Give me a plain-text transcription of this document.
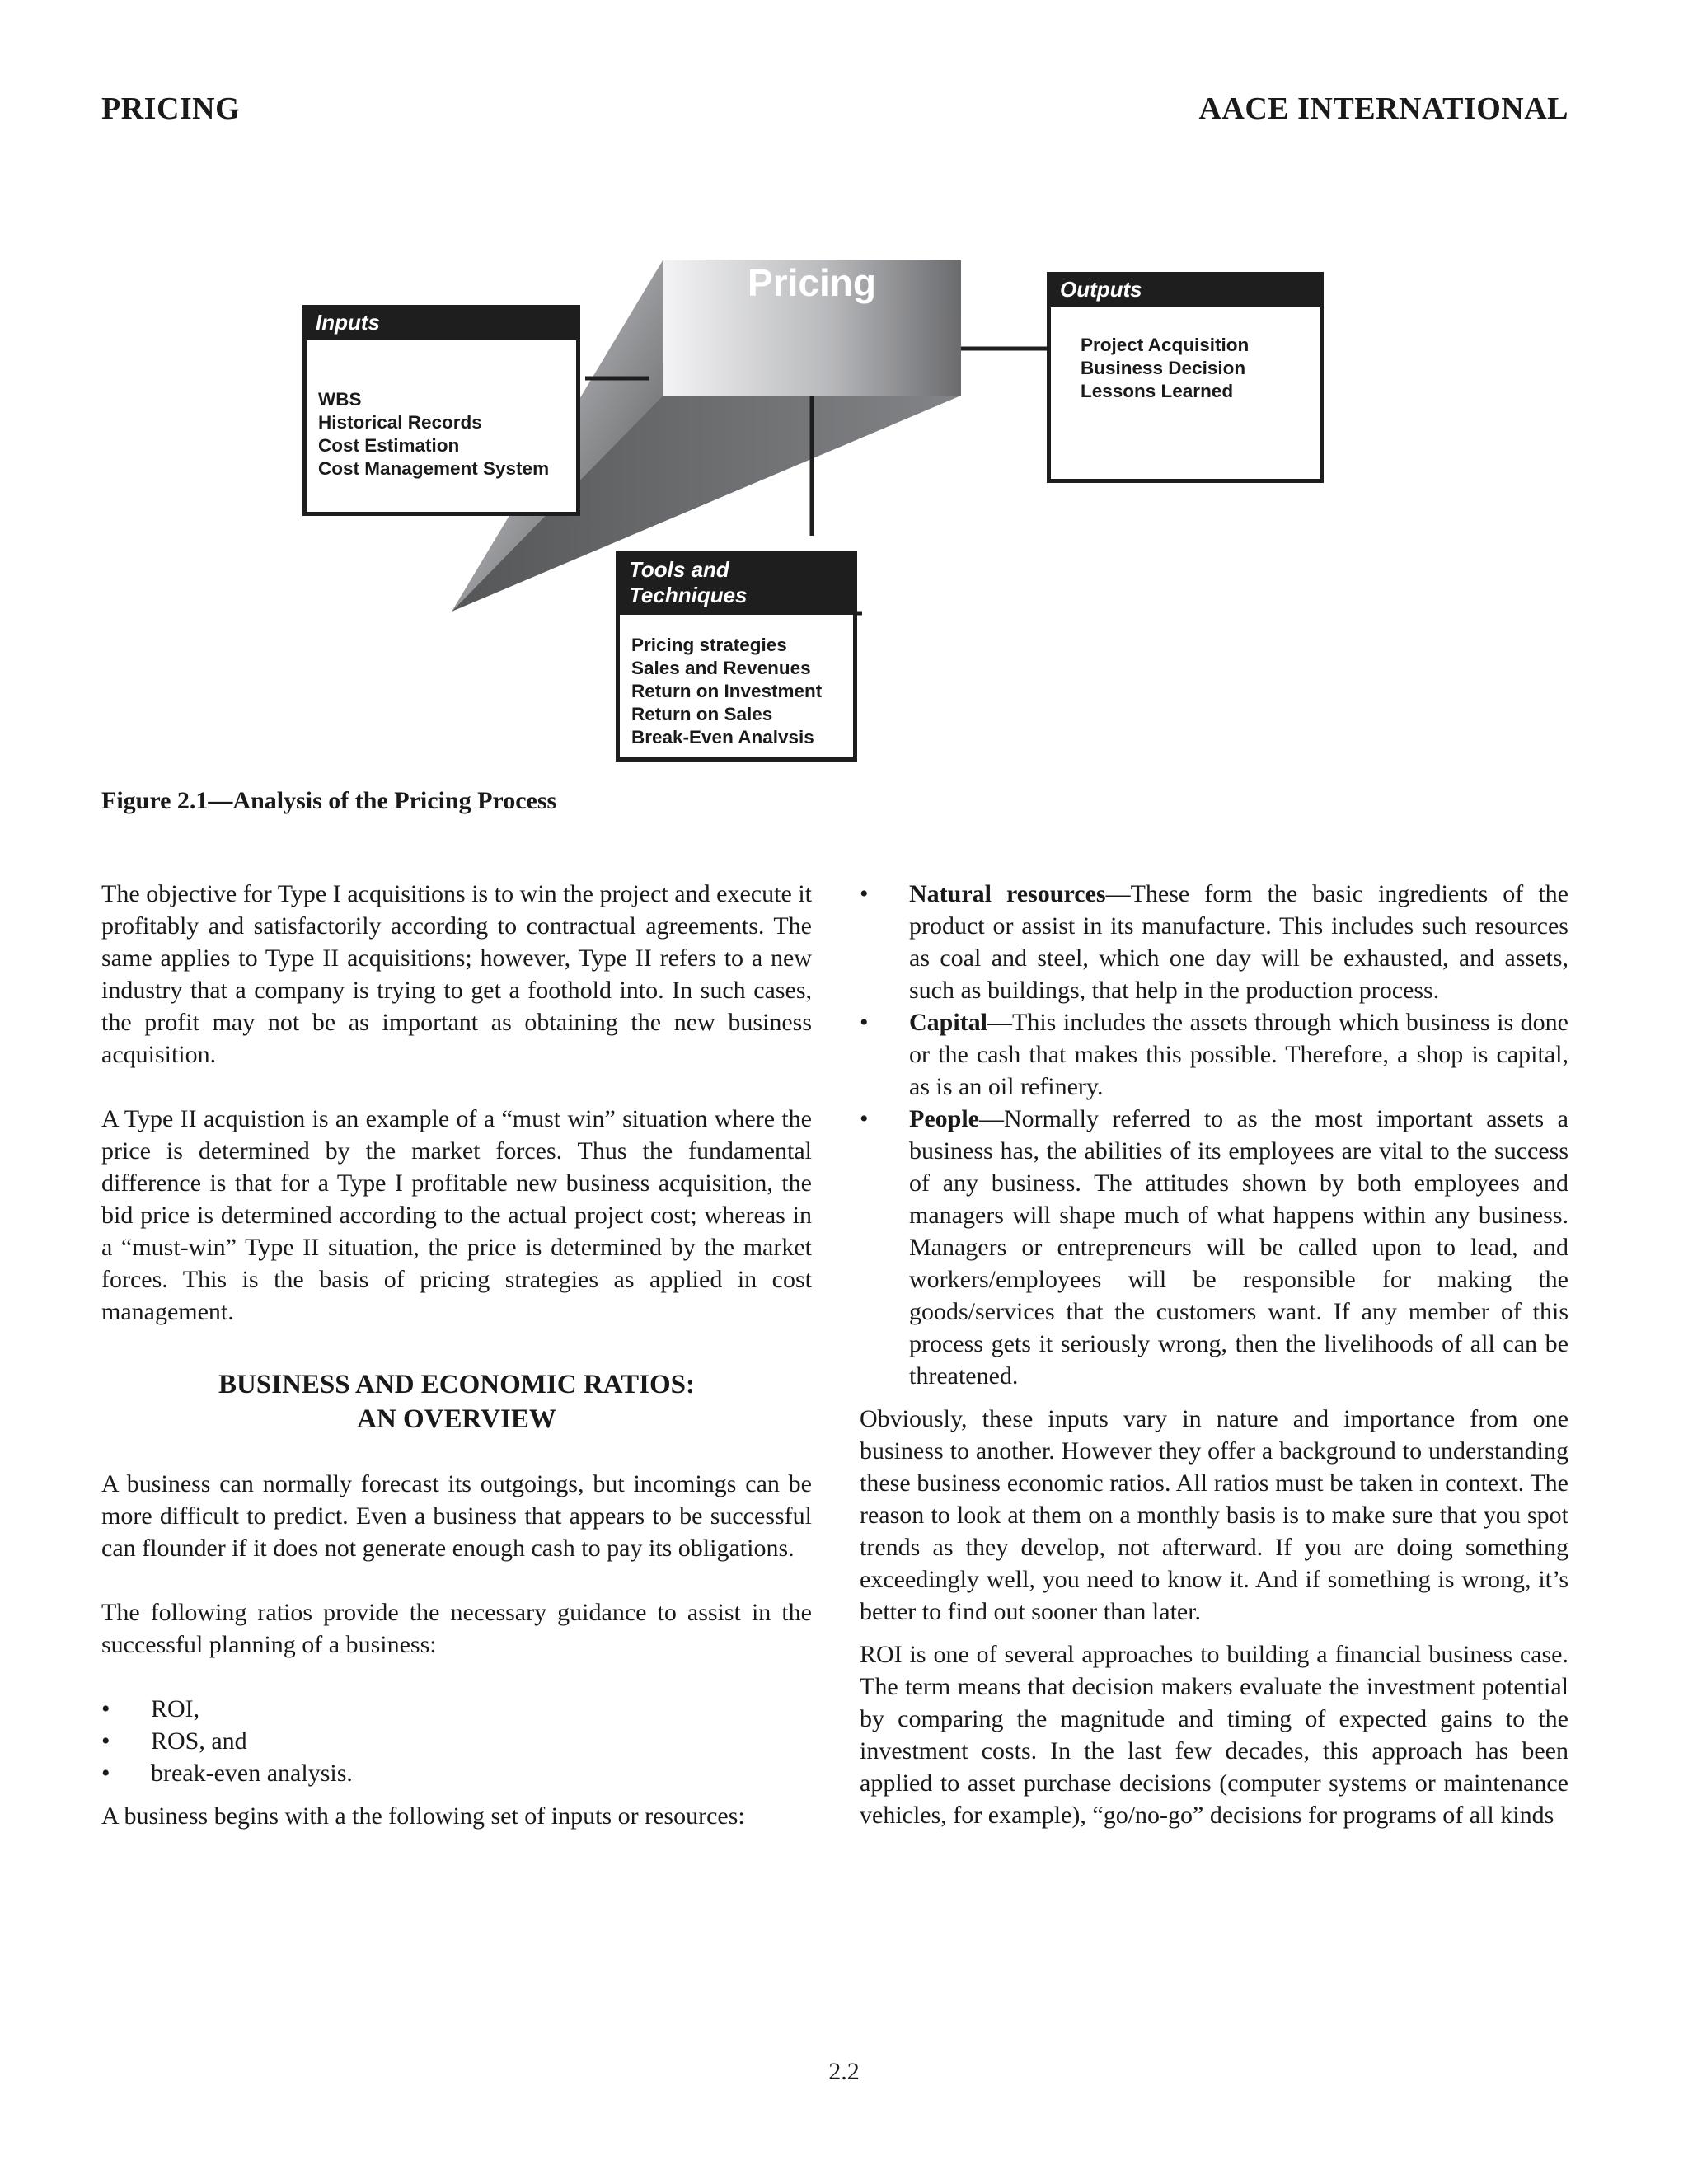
PRICING	AACE INTERNATIONAL
Pricing
Inputs
WBS
Historical Records
Cost Estimation
Cost Management System
Outputs
Project Acquisition
Business Decision
Lessons Learned
Tools and
Techniques
Pricing strategies
Sales and Revenues
Return on Investment
Return on Sales
Break-Even Analvsis
Figure 2.1—Analysis of the Pricing Process

The objective for Type I acquisitions is to win the project and execute it profitably and satisfactorily according to contractual agreements. The same applies to Type II acquisitions; however, Type II refers to a new industry that a company is trying to get a foothold into. In such cases, the profit may not be as important as obtaining the new business acquisition.

A Type II acquistion is an example of a “must win” situation where the price is determined by the market forces. Thus the fundamental difference is that for a Type I profitable new business acquisition, the bid price is determined according to the actual project cost; whereas in a “must-win” Type II situation, the price is determined by the market forces. This is the basis of pricing strategies as applied in cost management.

BUSINESS AND ECONOMIC RATIOS:
AN OVERVIEW

A business can normally forecast its outgoings, but incomings can be more difficult to predict. Even a business that appears to be successful can flounder if it does not generate enough cash to pay its obligations.

The following ratios provide the necessary guidance to assist in the successful planning of a business:

• ROI,
• ROS, and
• break-even analysis.

A business begins with a the following set of inputs or resources:

• Natural resources—These form the basic ingredients of the product or assist in its manufacture. This includes such resources as coal and steel, which one day will be exhausted, and assets, such as buildings, that help in the production process.
• Capital—This includes the assets through which business is done or the cash that makes this possible. Therefore, a shop is capital, as is an oil refinery.
• People—Normally referred to as the most important assets a business has, the abilities of its employees are vital to the success of any business. The attitudes shown by both employees and managers will shape much of what happens within any business. Managers or entrepreneurs will be called upon to lead, and workers/employees will be responsible for making the goods/services that the customers want. If any member of this process gets it seriously wrong, then the livelihoods of all can be threatened.

Obviously, these inputs vary in nature and importance from one business to another. However they offer a background to understanding these business economic ratios. All ratios must be taken in context. The reason to look at them on a monthly basis is to make sure that you spot trends as they develop, not afterward. If you are doing something exceedingly well, you need to know it. And if something is wrong, it’s better to find out sooner than later.

ROI is one of several approaches to building a financial business case. The term means that decision makers evaluate the investment potential by comparing the magnitude and timing of expected gains to the investment costs. In the last few decades, this approach has been applied to asset purchase decisions (computer systems or maintenance vehicles, for example), “go/no-go” decisions for programs of all kinds

2.2
